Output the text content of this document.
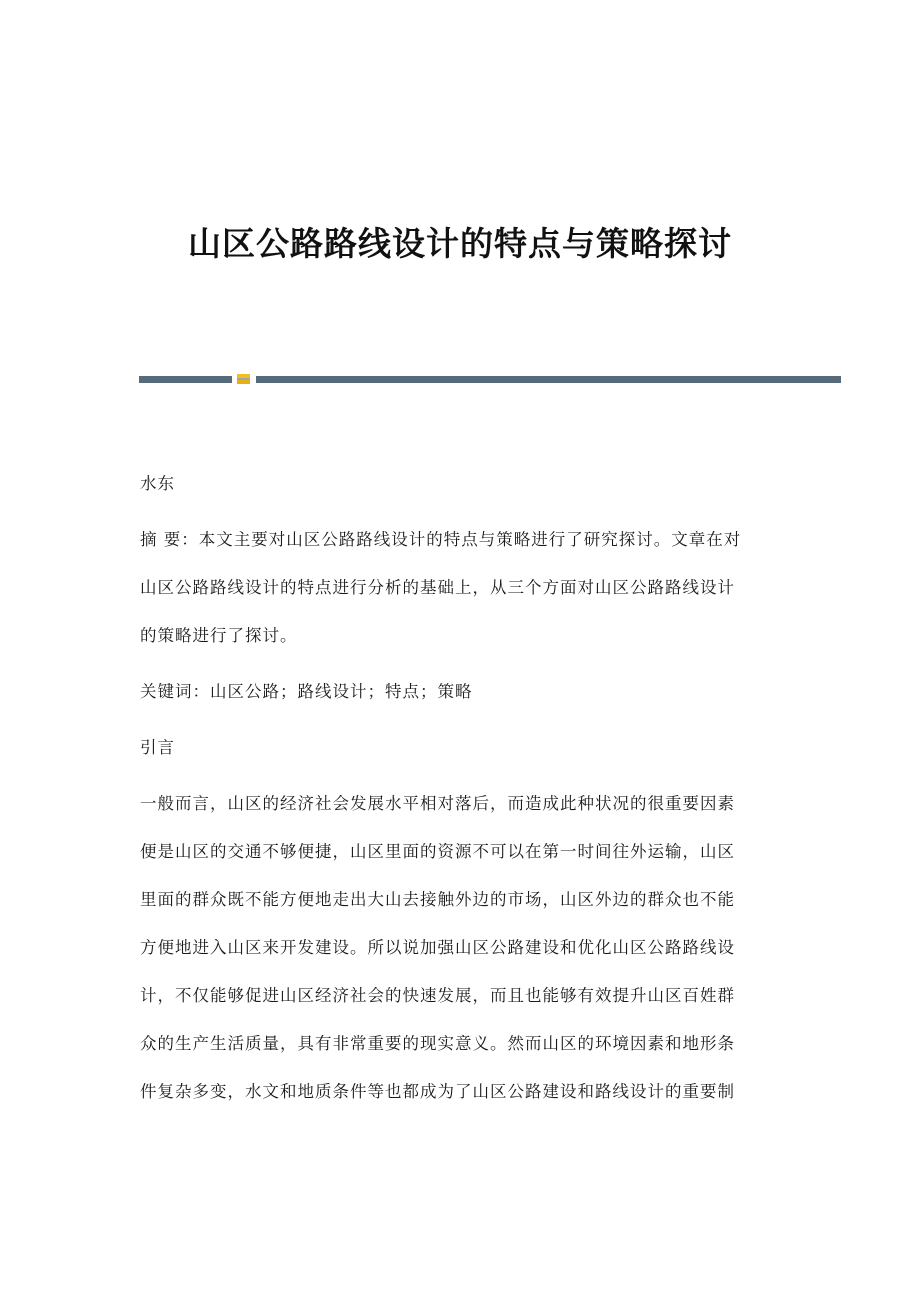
山区公路路线设计的特点与策略探讨

水东

摘 要：本文主要对山区公路路线设计的特点与策略进行了研究探讨。文章在对

山区公路路线设计的特点进行分析的基础上，从三个方面对山区公路路线设计

的策略进行了探讨。

关键词：山区公路；路线设计；特点；策略

引言

一般而言，山区的经济社会发展水平相对落后，而造成此种状况的很重要因素

便是山区的交通不够便捷，山区里面的资源不可以在第一时间往外运输，山区

里面的群众既不能方便地走出大山去接触外边的市场，山区外边的群众也不能

方便地进入山区来开发建设。所以说加强山区公路建设和优化山区公路路线设

计，不仅能够促进山区经济社会的快速发展，而且也能够有效提升山区百姓群

众的生产生活质量，具有非常重要的现实意义。然而山区的环境因素和地形条

件复杂多变，水文和地质条件等也都成为了山区公路建设和路线设计的重要制
